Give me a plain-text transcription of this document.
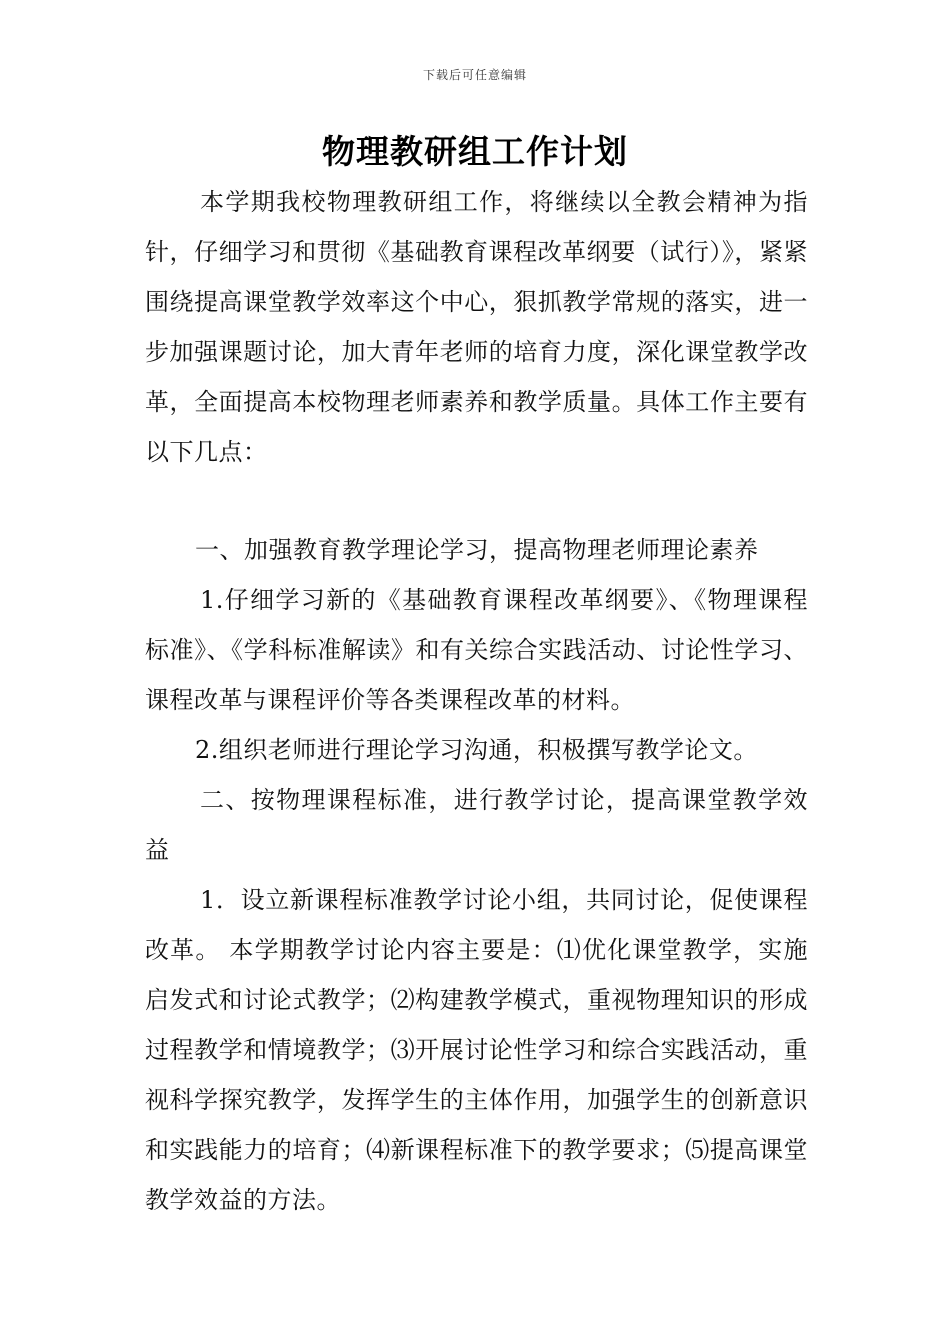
下载后可任意编辑
物理教研组工作计划

本学期我校物理教研组工作，将继续以全教会精神为指针，仔细学习和贯彻《基础教育课程改革纲要（试行）》，紧紧围绕提高课堂教学效率这个中心，狠抓教学常规的落实，进一步加强课题讨论，加大青年老师的培育力度，深化课堂教学改革，全面提高本校物理老师素养和教学质量。具体工作主要有以下几点：

一、加强教育教学理论学习，提高物理老师理论素养

1.仔细学习新的《基础教育课程改革纲要》、《物理课程标准》、《学科标准解读》和有关综合实践活动、讨论性学习、课程改革与课程评价等各类课程改革的材料。

2.组织老师进行理论学习沟通，积极撰写教学论文。

二、按物理课程标准，进行教学讨论，提高课堂教学效益

1．设立新课程标准教学讨论小组，共同讨论，促使课程改革。 本学期教学讨论内容主要是：⑴优化课堂教学，实施启发式和讨论式教学；⑵构建教学模式，重视物理知识的形成过程教学和情境教学；⑶开展讨论性学习和综合实践活动，重视科学探究教学，发挥学生的主体作用，加强学生的创新意识和实践能力的培育；⑷新课程标准下的教学要求；⑸提高课堂教学效益的方法。
